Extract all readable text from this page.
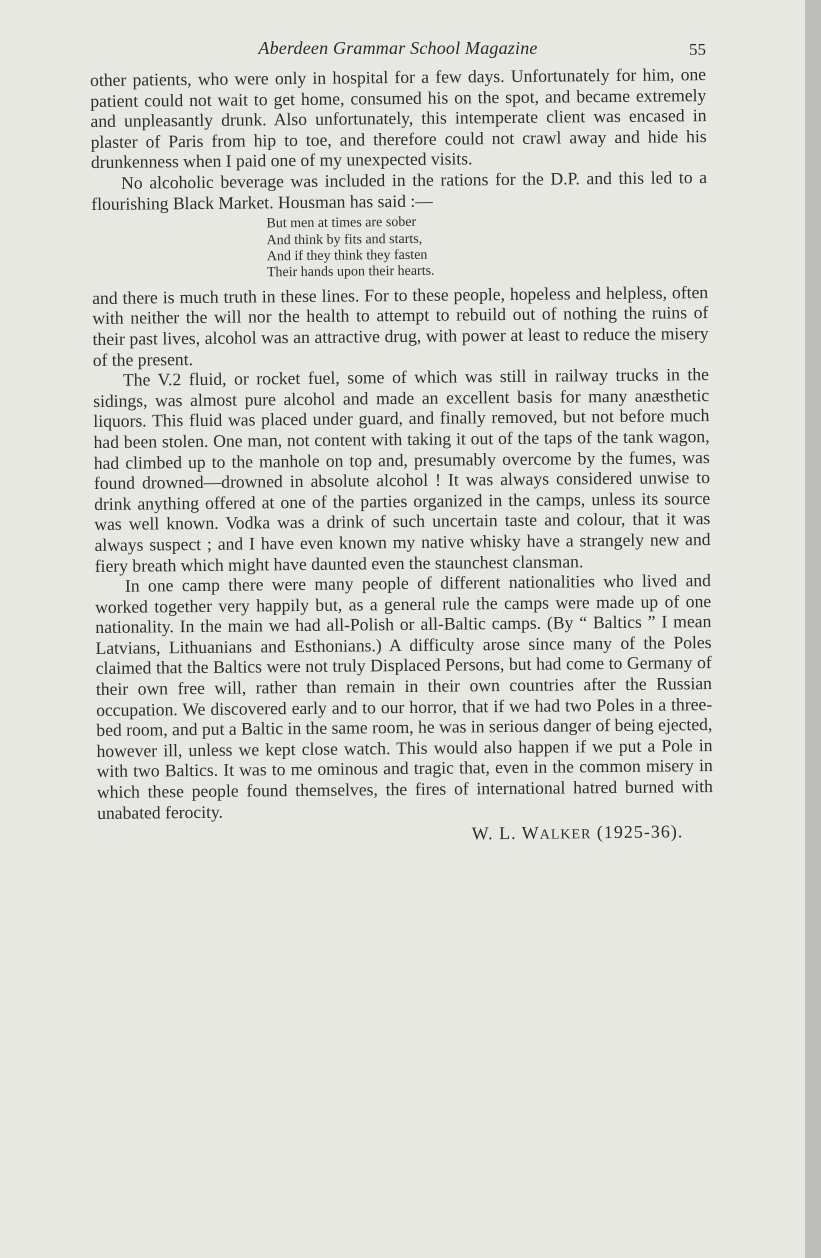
Aberdeen Grammar School Magazine	55

other patients, who were only in hospital for a few days. Unfortunately for him, one patient could not wait to get home, consumed his on the spot, and became extremely and unpleasantly drunk. Also unfortunately, this intemperate client was encased in plaster of Paris from hip to toe, and therefore could not crawl away and hide his drunkenness when I paid one of my unexpected visits.

No alcoholic beverage was included in the rations for the D.P. and this led to a flourishing Black Market. Housman has said :—

But men at times are sober
And think by fits and starts,
And if they think they fasten
Their hands upon their hearts.

and there is much truth in these lines. For to these people, hopeless and helpless, often with neither the will nor the health to attempt to rebuild out of nothing the ruins of their past lives, alcohol was an attractive drug, with power at least to reduce the misery of the present.

The V.2 fluid, or rocket fuel, some of which was still in railway trucks in the sidings, was almost pure alcohol and made an excellent basis for many anæsthetic liquors. This fluid was placed under guard, and finally removed, but not before much had been stolen. One man, not content with taking it out of the taps of the tank wagon, had climbed up to the manhole on top and, presumably overcome by the fumes, was found drowned—drowned in absolute alcohol ! It was always considered unwise to drink anything offered at one of the parties organized in the camps, unless its source was well known. Vodka was a drink of such uncertain taste and colour, that it was always suspect ; and I have even known my native whisky have a strangely new and fiery breath which might have daunted even the staunchest clansman.

In one camp there were many people of different nationalities who lived and worked together very happily but, as a general rule the camps were made up of one nationality. In the main we had all-Polish or all-Baltic camps. (By “ Baltics ” I mean Latvians, Lithuanians and Esthonians.) A difficulty arose since many of the Poles claimed that the Baltics were not truly Displaced Persons, but had come to Germany of their own free will, rather than remain in their own countries after the Russian occupation. We discovered early and to our horror, that if we had two Poles in a three-bed room, and put a Baltic in the same room, he was in serious danger of being ejected, however ill, unless we kept close watch. This would also happen if we put a Pole in with two Baltics. It was to me ominous and tragic that, even in the common misery in which these people found themselves, the fires of international hatred burned with unabated ferocity.

W. L. WALKER (1925-36).
